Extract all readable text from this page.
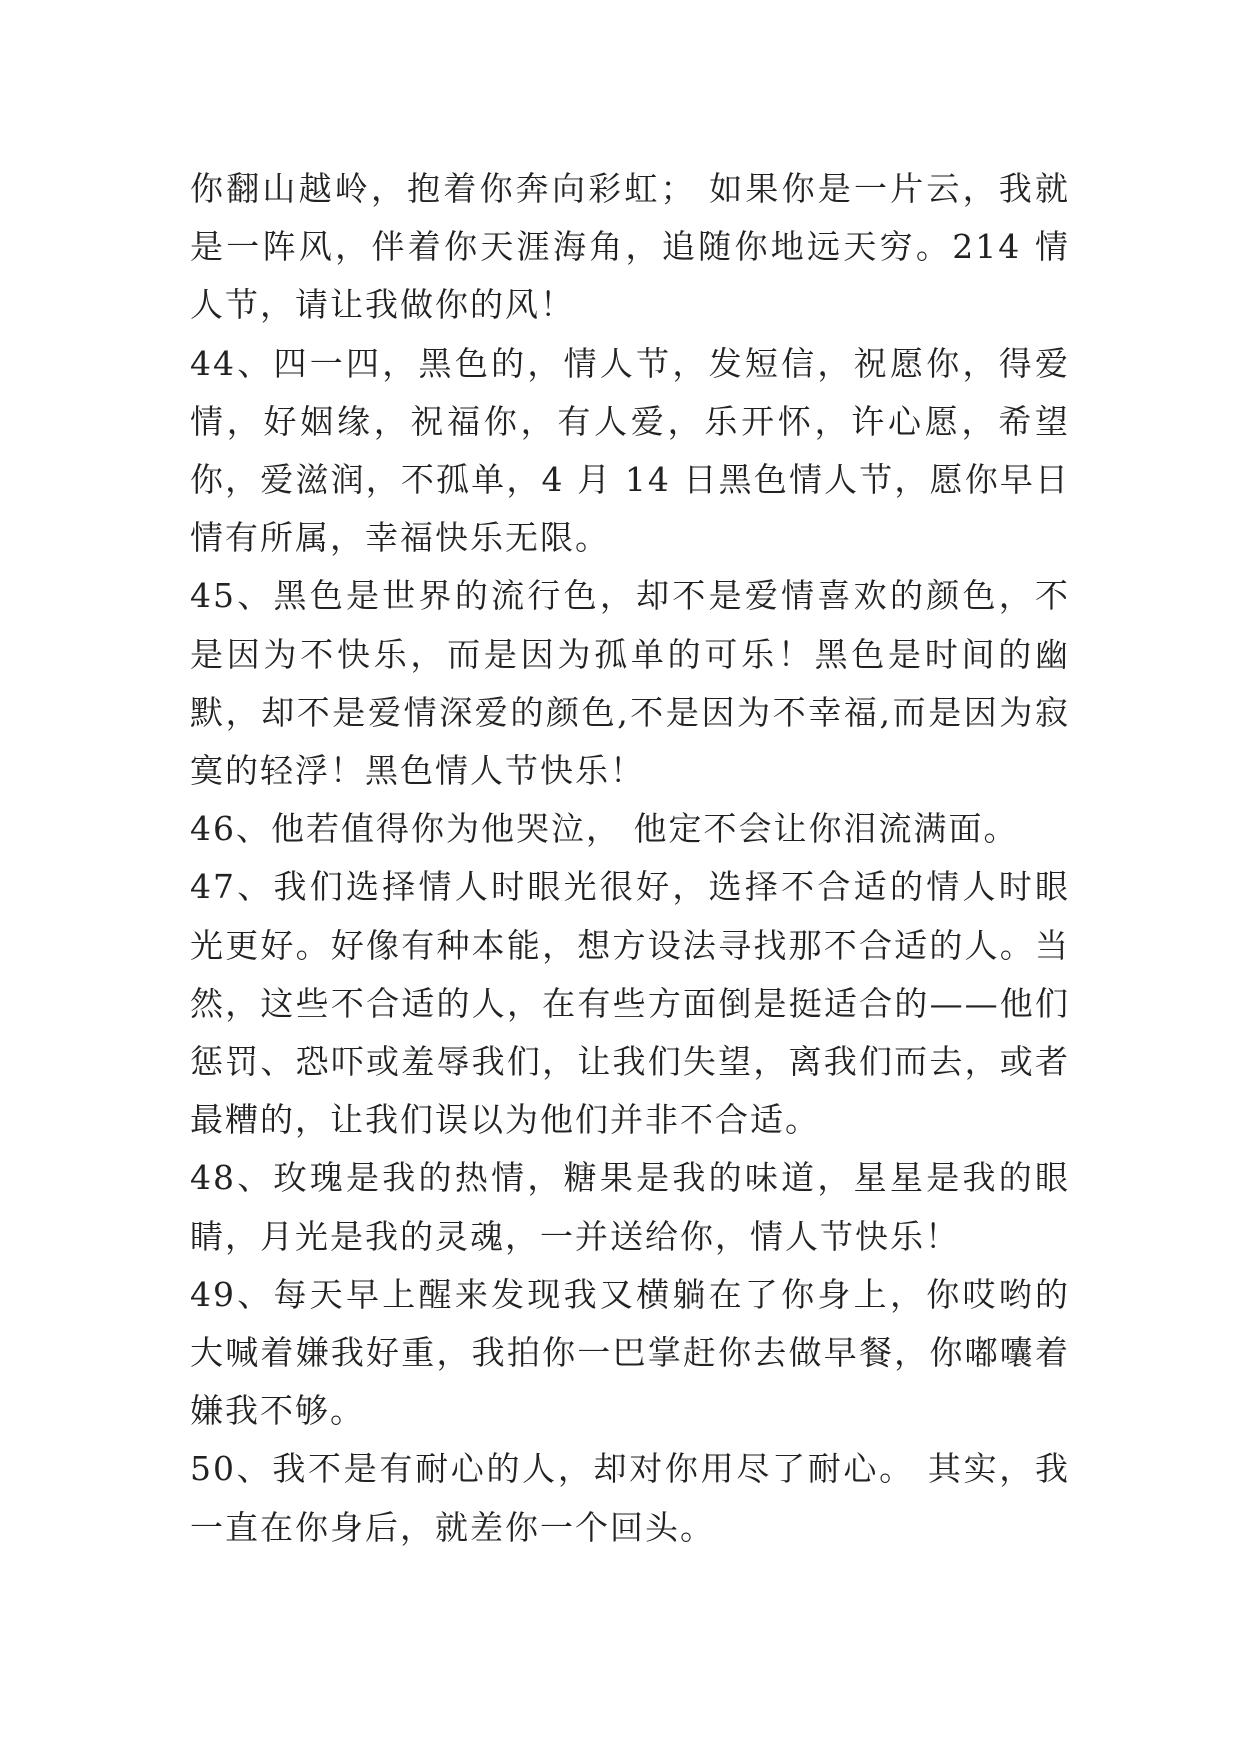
你翻山越岭，抱着你奔向彩虹； 如果你是一片云，我就是一阵风，伴着你天涯海角，追随你地远天穷。214 情人节，请让我做你的风！

44、四一四，黑色的，情人节，发短信，祝愿你，得爱情，好姻缘，祝福你，有人爱，乐开怀，许心愿，希望你，爱滋润，不孤单，4 月 14 日黑色情人节，愿你早日情有所属，幸福快乐无限。

45、黑色是世界的流行色，却不是爱情喜欢的颜色，不是因为不快乐，而是因为孤单的可乐！黑色是时间的幽默，却不是爱情深爱的颜色,不是因为不幸福,而是因为寂寞的轻浮！黑色情人节快乐！

46、他若值得你为他哭泣， 他定不会让你泪流满面。

47、我们选择情人时眼光很好，选择不合适的情人时眼光更好。好像有种本能，想方设法寻找那不合适的人。当然，这些不合适的人，在有些方面倒是挺适合的——他们惩罚、恐吓或羞辱我们，让我们失望，离我们而去，或者最糟的，让我们误以为他们并非不合适。

48、玫瑰是我的热情，糖果是我的味道，星星是我的眼睛，月光是我的灵魂，一并送给你，情人节快乐！

49、每天早上醒来发现我又横躺在了你身上，你哎哟的大喊着嫌我好重，我拍你一巴掌赶你去做早餐，你嘟囔着嫌我不够。

50、我不是有耐心的人，却对你用尽了耐心。 其实，我一直在你身后，就差你一个回头。
